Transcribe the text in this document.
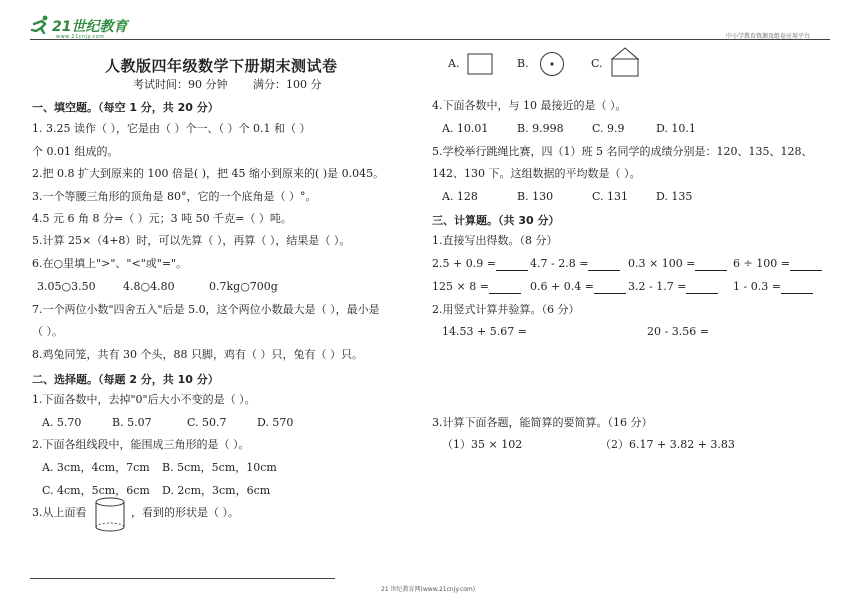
21世纪教育
www.21cnjy.com	中小学教育资源及组卷应用平台
人教版四年级数学下册期末测试卷
考试时间：90 分钟 满分：100 分
一、填空题。（每空 1 分，共 20 分）
1. 3.25 读作（ ），它是由（ ）个一、（ ）个 0.1 和（ ）
个 0.01 组成的。
2.把 0.8 扩大到原来的 100 倍是( )，把 45 缩小到原来的( )是 0.045。
3.一个等腰三角形的顶角是 80°，它的一个底角是（ ）°。
4.5 元 6 角 8 分=（ ）元；3 吨 50 千克=（ ）吨。
5.计算 25×（4+8）时，可以先算（ ），再算（ ），结果是（ ）。
6.在○里填上">"、"<"或"="。
3.05○3.50 4.8○4.80	0.7kg○700g
7.一个两位小数"四舍五入"后是 5.0，这个两位小数最大是（ ），最小是
（ ）。
8.鸡兔同笼，共有 30 个头，88 只脚，鸡有（ ）只，兔有（ ）只。
二、选择题。（每题 2 分，共 10 分）
1.下面各数中，去掉"0"后大小不变的是（ ）。
A. 5.70	B. 5.07	C. 50.7	D. 570
2.下面各组线段中，能围成三角形的是（ ）。
A. 3cm，4cm，7cm B. 5cm，5cm，10cm
C. 4cm，5cm，6cm D. 2cm，3cm，6cm
3.从上面看	，看到的形状是（ ）。
A.	B.	C.
4.下面各数中，与 10 最接近的是（ ）。
A. 10.01	B. 9.998	C. 9.9	D. 10.1
5.学校举行跳绳比赛，四（1）班 5 名同学的成绩分别是：120、135、128、
142、130 下。这组数据的平均数是（ ）。
A. 128	B. 130	C. 131	D. 135
三、计算题。（共 30 分）
1.直接写出得数。（8 分）
2.5 + 0.9 =	4.7 - 2.8 =	0.3 × 100 =	6 ÷ 100 =
125 × 8 =	0.6 + 0.4 =	3.2 - 1.7 =	1 - 0.3 =
2.用竖式计算并验算。（6 分）
14.53 + 5.67 =	20 - 3.56 =
3.计算下面各题，能简算的要简算。（16 分）
（1）35 × 102	（2）6.17 + 3.82 + 3.83
21 世纪教育网(www.21cnjy.com)
